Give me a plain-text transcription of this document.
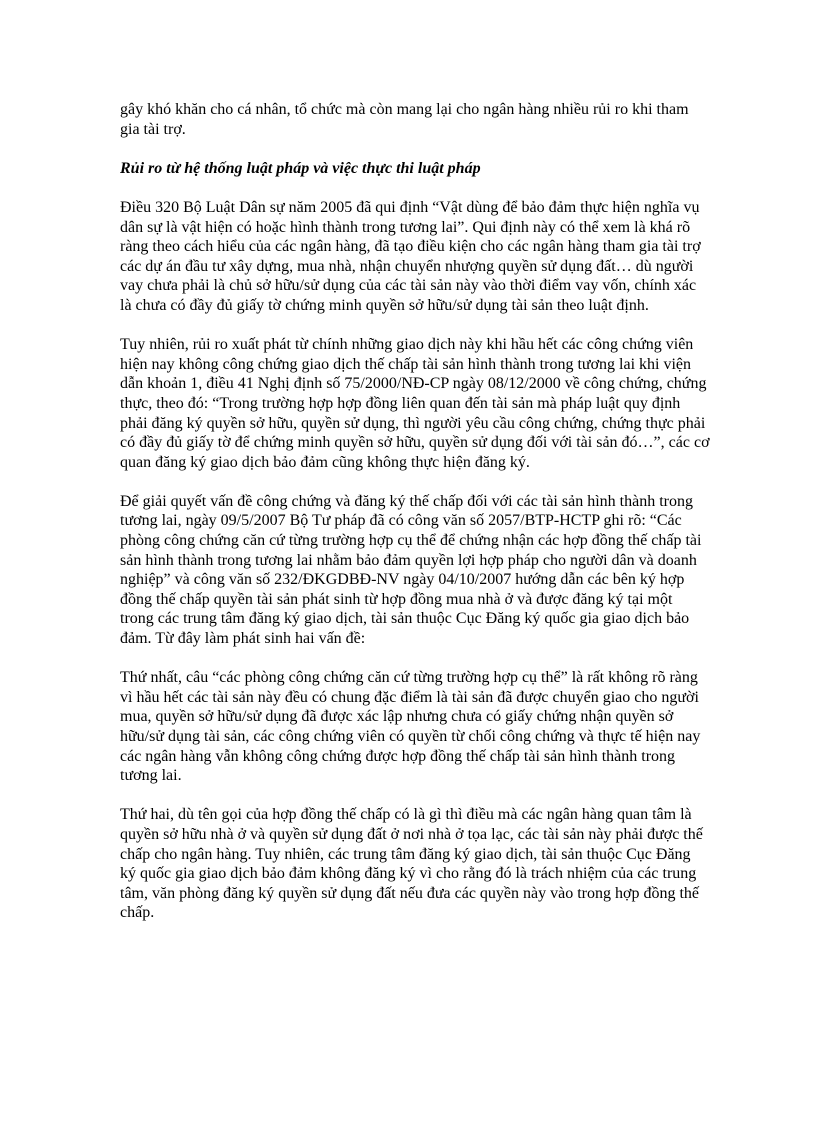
gây khó khăn cho cá nhân, tổ chức mà còn mang lại cho ngân hàng nhiều rủi ro khi tham gia tài trợ.

Rủi ro từ hệ thống luật pháp và việc thực thi luật pháp

Điều 320 Bộ Luật Dân sự năm 2005 đã qui định “Vật dùng để bảo đảm thực hiện nghĩa vụ dân sự là vật hiện có hoặc hình thành trong tương lai”. Qui định này có thể xem là khá rõ ràng theo cách hiểu của các ngân hàng, đã tạo điều kiện cho các ngân hàng tham gia tài trợ các dự án đầu tư xây dựng, mua nhà, nhận chuyển nhượng quyền sử dụng đất… dù người vay chưa phải là chủ sở hữu/sử dụng của các tài sản này vào thời điểm vay vốn, chính xác là chưa có đầy đủ giấy tờ chứng minh quyền sở hữu/sử dụng tài sản theo luật định.

Tuy nhiên, rủi ro xuất phát từ chính những giao dịch này khi hầu hết các công chứng viên hiện nay không công chứng giao dịch thế chấp tài sản hình thành trong tương lai khi viện dẫn khoản 1, điều 41 Nghị định số 75/2000/NĐ-CP ngày 08/12/2000 về công chứng, chứng thực, theo đó: “Trong trường hợp hợp đồng liên quan đến tài sản mà pháp luật quy định phải đăng ký quyền sở hữu, quyền sử dụng, thì người yêu cầu công chứng, chứng thực phải có đầy đủ giấy tờ để chứng minh quyền sở hữu, quyền sử dụng đối với tài sản đó…”, các cơ quan đăng ký giao dịch bảo đảm cũng không thực hiện đăng ký.

Để giải quyết vấn đề công chứng và đăng ký thế chấp đối với các tài sản hình thành trong tương lai, ngày 09/5/2007 Bộ Tư pháp đã có công văn số 2057/BTP-HCTP ghi rõ: “Các phòng công chứng căn cứ từng trường hợp cụ thể để chứng nhận các hợp đồng thế chấp tài sản hình thành trong tương lai nhằm bảo đảm quyền lợi hợp pháp cho người dân và doanh nghiệp” và công văn số 232/ĐKGDBĐ-NV ngày 04/10/2007 hướng dẫn các bên ký hợp đồng thế chấp quyền tài sản phát sinh từ hợp đồng mua nhà ở và được đăng ký tại một trong các trung tâm đăng ký giao dịch, tài sản thuộc Cục Đăng ký quốc gia giao dịch bảo đảm. Từ đây làm phát sinh hai vấn đề:

Thứ nhất, câu “các phòng công chứng căn cứ từng trường hợp cụ thể” là rất không rõ ràng vì hầu hết các tài sản này đều có chung đặc điểm là tài sản đã được chuyển giao cho người mua, quyền sở hữu/sử dụng đã được xác lập nhưng chưa có giấy chứng nhận quyền sở hữu/sử dụng tài sản, các công chứng viên có quyền từ chối công chứng và thực tế hiện nay các ngân hàng vẫn không công chứng được hợp đồng thế chấp tài sản hình thành trong tương lai.

Thứ hai, dù tên gọi của hợp đồng thế chấp có là gì thì điều mà các ngân hàng quan tâm là quyền sở hữu nhà ở và quyền sử dụng đất ở nơi nhà ở tọa lạc, các tài sản này phải được thế chấp cho ngân hàng. Tuy nhiên, các trung tâm đăng ký giao dịch, tài sản thuộc Cục Đăng ký quốc gia giao dịch bảo đảm không đăng ký vì cho rằng đó là trách nhiệm của các trung tâm, văn phòng đăng ký quyền sử dụng đất nếu đưa các quyền này vào trong hợp đồng thế chấp.
